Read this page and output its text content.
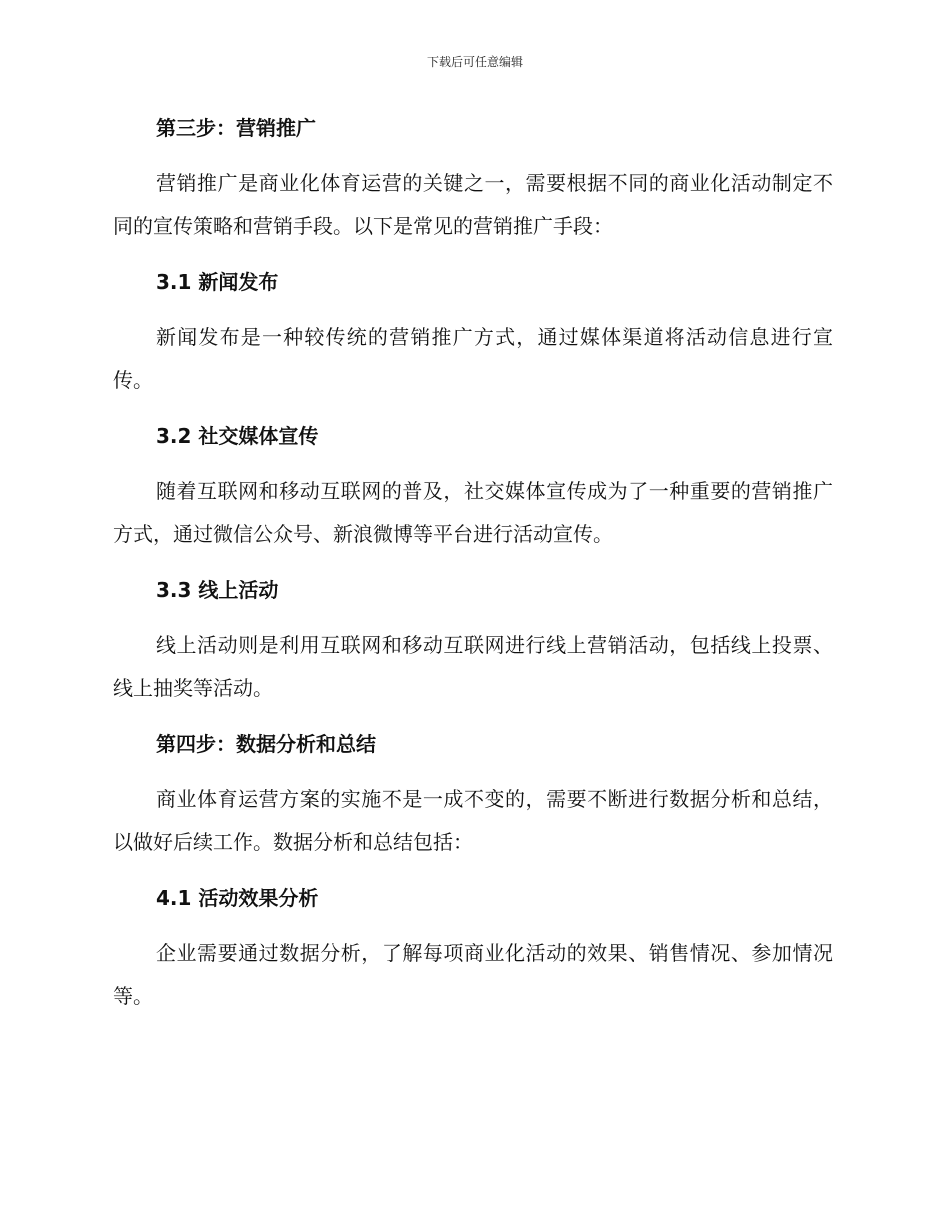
下载后可任意编辑
第三步：营销推广

营销推广是商业化体育运营的关键之一，需要根据不同的商业化活动制定不同的宣传策略和营销手段。以下是常见的营销推广手段：

3.1 新闻发布

新闻发布是一种较传统的营销推广方式，通过媒体渠道将活动信息进行宣传。

3.2 社交媒体宣传

随着互联网和移动互联网的普及，社交媒体宣传成为了一种重要的营销推广方式，通过微信公众号、新浪微博等平台进行活动宣传。

3.3 线上活动

线上活动则是利用互联网和移动互联网进行线上营销活动，包括线上投票、线上抽奖等活动。

第四步：数据分析和总结

商业体育运营方案的实施不是一成不变的，需要不断进行数据分析和总结，以做好后续工作。数据分析和总结包括：

4.1 活动效果分析

企业需要通过数据分析，了解每项商业化活动的效果、销售情况、参加情况等。
